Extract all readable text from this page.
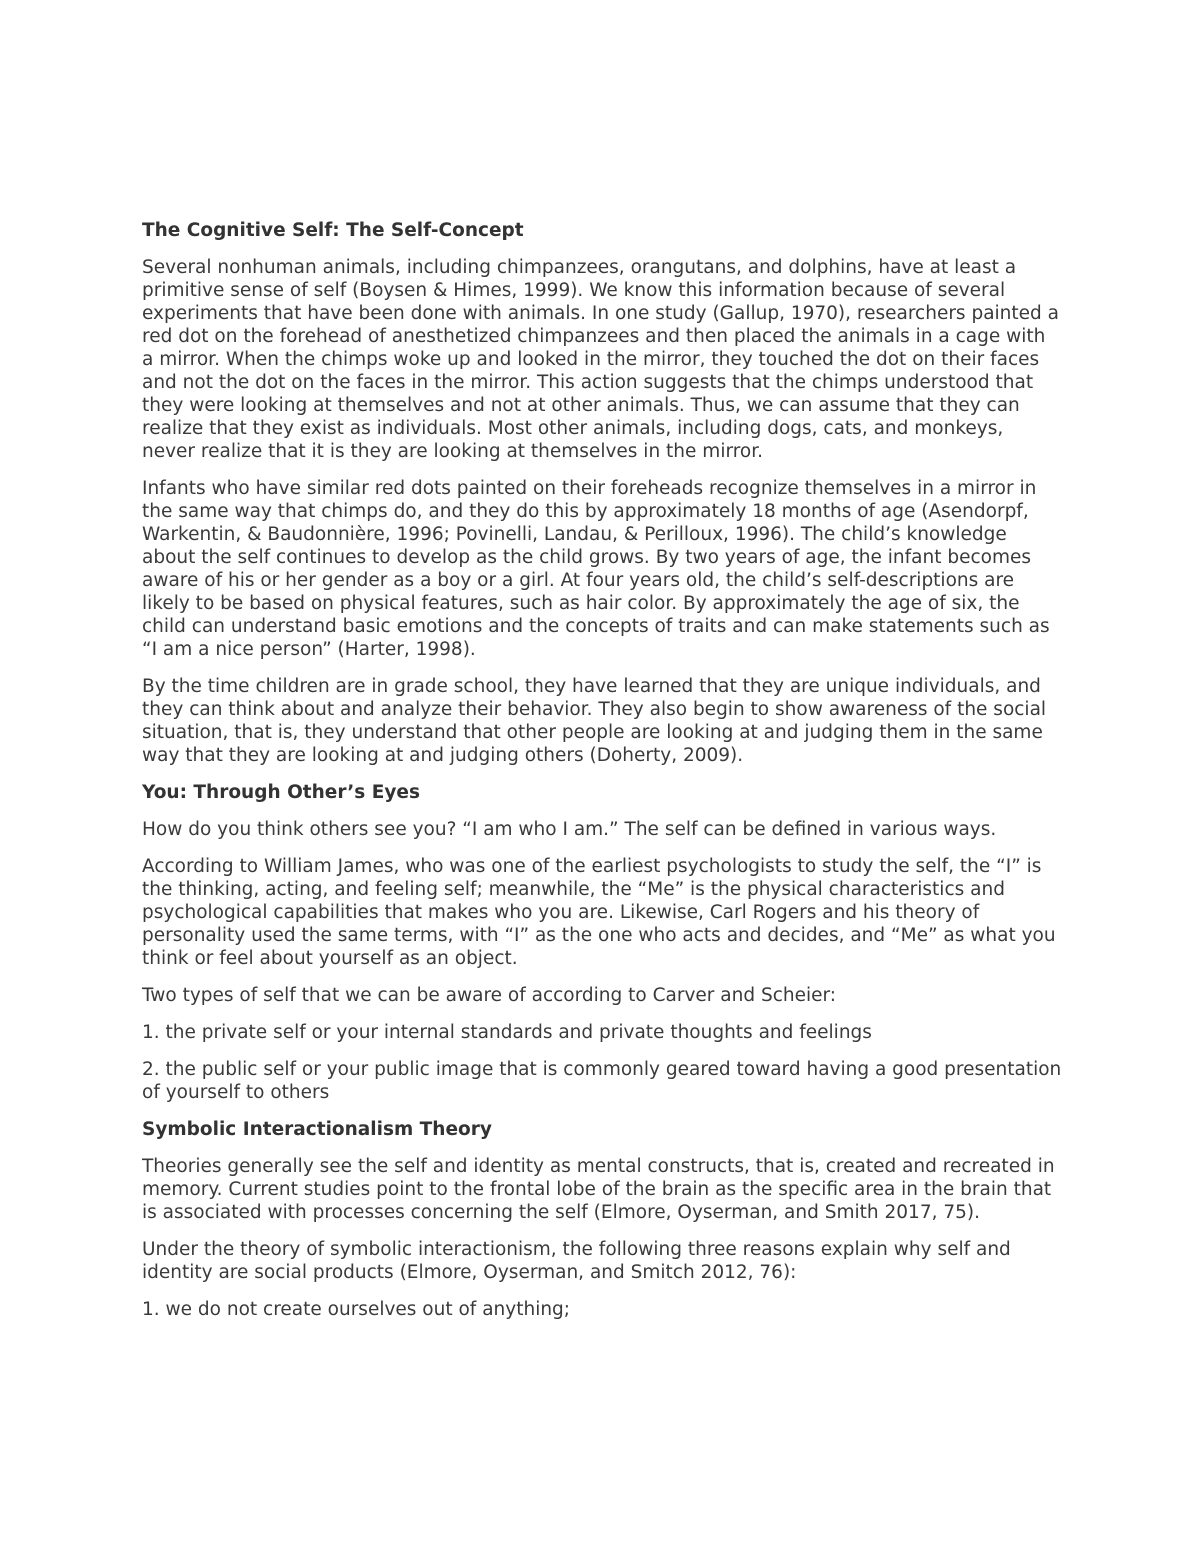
The Cognitive Self: The Self-Concept

Several nonhuman animals, including chimpanzees, orangutans, and dolphins, have at least a primitive sense of self (Boysen & Himes, 1999). We know this information because of several experiments that have been done with animals. In one study (Gallup, 1970), researchers painted a red dot on the forehead of anesthetized chimpanzees and then placed the animals in a cage with a mirror. When the chimps woke up and looked in the mirror, they touched the dot on their faces and not the dot on the faces in the mirror. This action suggests that the chimps understood that they were looking at themselves and not at other animals. Thus, we can assume that they can realize that they exist as individuals. Most other animals, including dogs, cats, and monkeys, never realize that it is they are looking at themselves in the mirror.

Infants who have similar red dots painted on their foreheads recognize themselves in a mirror in the same way that chimps do, and they do this by approximately 18 months of age (Asendorpf, Warkentin, & Baudonnière, 1996; Povinelli, Landau, & Perilloux, 1996). The child’s knowledge about the self continues to develop as the child grows. By two years of age, the infant becomes aware of his or her gender as a boy or a girl. At four years old, the child’s self-descriptions are likely to be based on physical features, such as hair color. By approximately the age of six, the child can understand basic emotions and the concepts of traits and can make statements such as “I am a nice person” (Harter, 1998).

By the time children are in grade school, they have learned that they are unique individuals, and they can think about and analyze their behavior. They also begin to show awareness of the social situation, that is, they understand that other people are looking at and judging them in the same way that they are looking at and judging others (Doherty, 2009).

You: Through Other’s Eyes

How do you think others see you? “I am who I am.” The self can be defined in various ways.

According to William James, who was one of the earliest psychologists to study the self, the “I” is the thinking, acting, and feeling self; meanwhile, the “Me” is the physical characteristics and psychological capabilities that makes who you are. Likewise, Carl Rogers and his theory of personality used the same terms, with “I” as the one who acts and decides, and “Me” as what you think or feel about yourself as an object.

Two types of self that we can be aware of according to Carver and Scheier:

1. the private self or your internal standards and private thoughts and feelings

2. the public self or your public image that is commonly geared toward having a good presentation of yourself to others

Symbolic Interactionalism Theory

Theories generally see the self and identity as mental constructs, that is, created and recreated in memory. Current studies point to the frontal lobe of the brain as the specific area in the brain that is associated with processes concerning the self (Elmore, Oyserman, and Smith 2017, 75).

Under the theory of symbolic interactionism, the following three reasons explain why self and identity are social products (Elmore, Oyserman, and Smitch 2012, 76):

1. we do not create ourselves out of anything;
